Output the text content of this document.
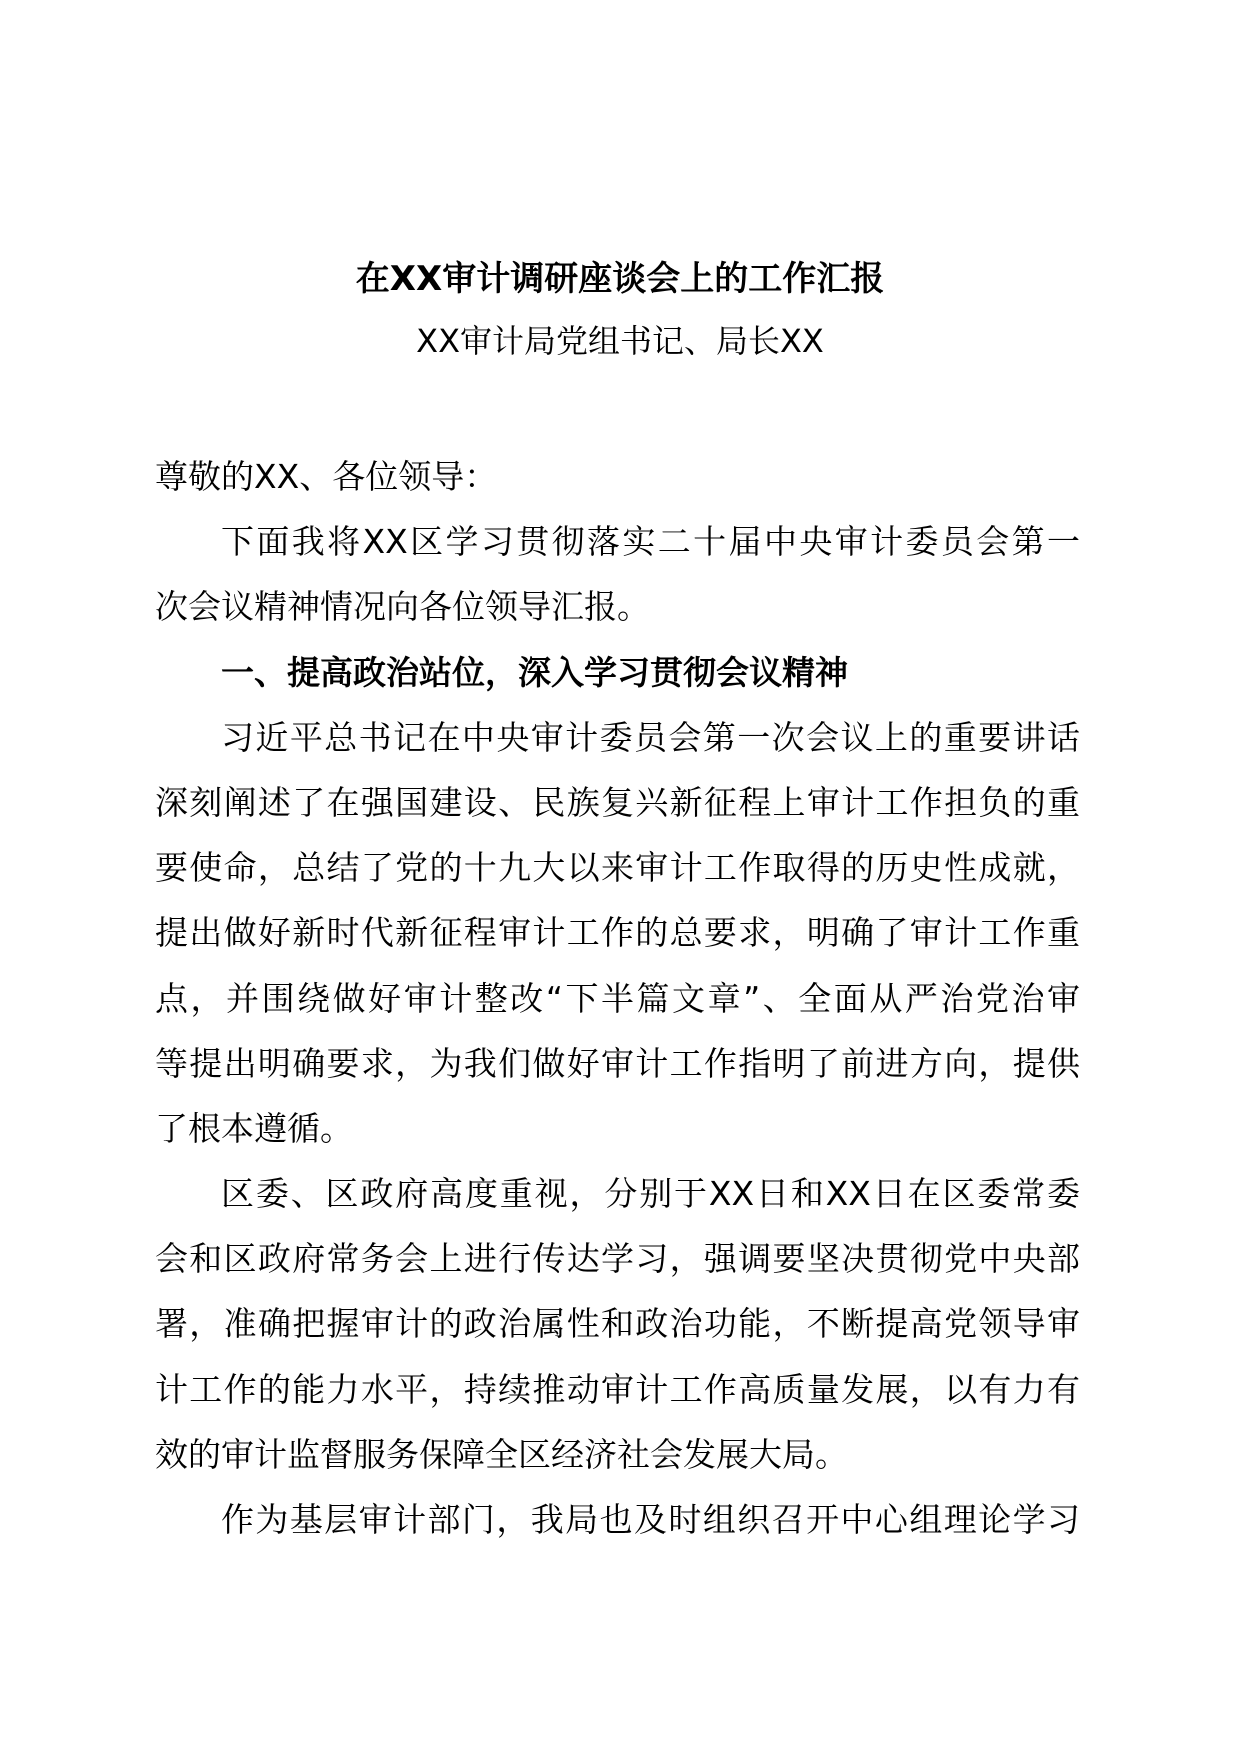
在XX审计调研座谈会上的工作汇报
XX审计局党组书记、局长XX
尊敬的XX、各位领导：
下面我将XX区学习贯彻落实二十届中央审计委员会第一
次会议精神情况向各位领导汇报。
一、提高政治站位，深入学习贯彻会议精神
习近平总书记在中央审计委员会第一次会议上的重要讲话
深刻阐述了在强国建设、民族复兴新征程上审计工作担负的重
要使命，总结了党的十九大以来审计工作取得的历史性成就，
提出做好新时代新征程审计工作的总要求，明确了审计工作重
点，并围绕做好审计整改“下半篇文章”、全面从严治党治审
等提出明确要求，为我们做好审计工作指明了前进方向，提供
了根本遵循。
区委、区政府高度重视，分别于XX日和XX日在区委常委
会和区政府常务会上进行传达学习，强调要坚决贯彻党中央部
署，准确把握审计的政治属性和政治功能，不断提高党领导审
计工作的能力水平，持续推动审计工作高质量发展，以有力有
效的审计监督服务保障全区经济社会发展大局。
作为基层审计部门，我局也及时组织召开中心组理论学习
